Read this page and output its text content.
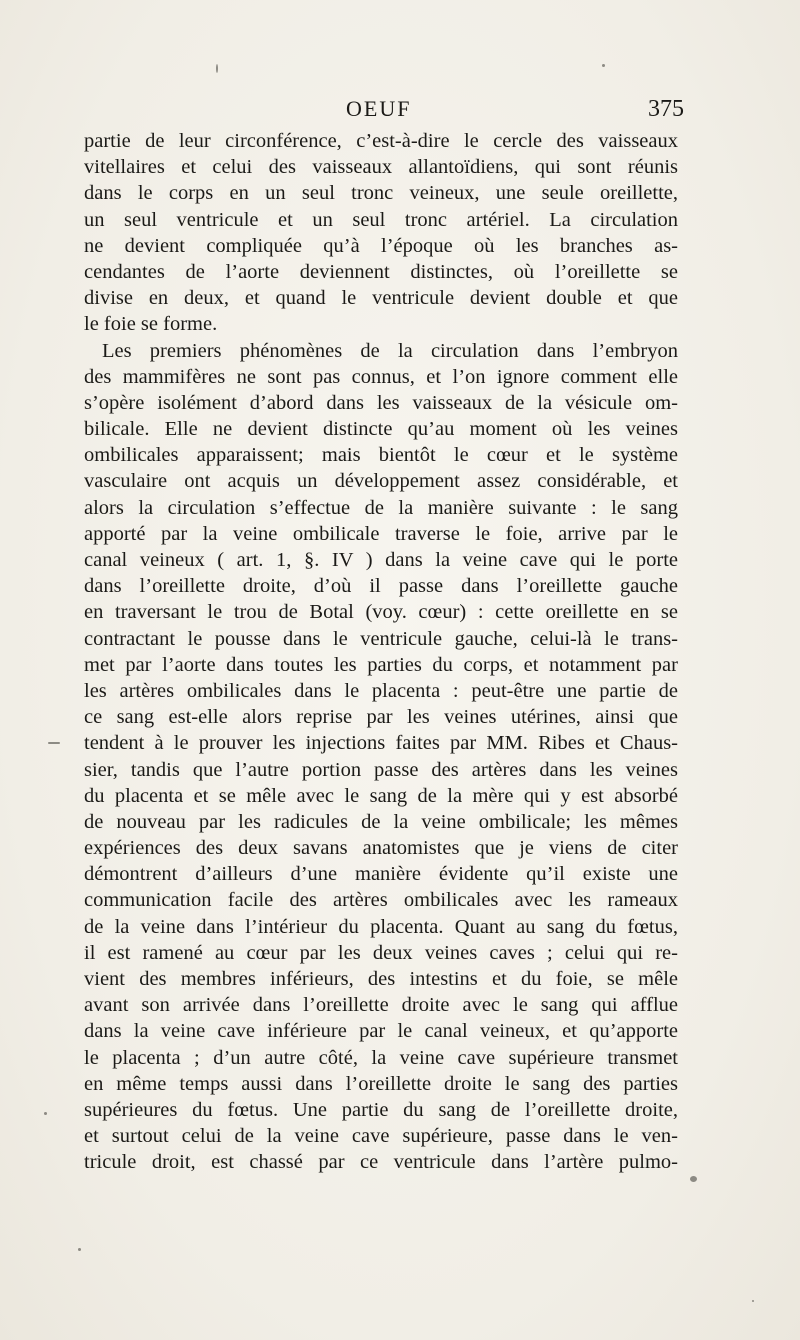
OEUF	375
partie de leur circonférence, c’est-à-dire le cercle des vaisseaux
vitellaires et celui des vaisseaux allantoïdiens, qui sont réunis
dans le corps en un seul tronc veineux, une seule oreillette,
un seul ventricule et un seul tronc artériel. La circulation
ne devient compliquée qu’à l’époque où les branches as-
cendantes de l’aorte deviennent distinctes, où l’oreillette se
divise en deux, et quand le ventricule devient double et que
le foie se forme.
Les premiers phénomènes de la circulation dans l’embryon
des mammifères ne sont pas connus, et l’on ignore comment elle
s’opère isolément d’abord dans les vaisseaux de la vésicule om-
bilicale. Elle ne devient distincte qu’au moment où les veines
ombilicales apparaissent; mais bientôt le cœur et le système
vasculaire ont acquis un développement assez considérable, et
alors la circulation s’effectue de la manière suivante : le sang
apporté par la veine ombilicale traverse le foie, arrive par le
canal veineux ( art. 1, §. IV ) dans la veine cave qui le porte
dans l’oreillette droite, d’où il passe dans l’oreillette gauche
en traversant le trou de Botal (voy. cœur) : cette oreillette en se
contractant le pousse dans le ventricule gauche, celui-là le trans-
met par l’aorte dans toutes les parties du corps, et notamment par
les artères ombilicales dans le placenta : peut-être une partie de
ce sang est-elle alors reprise par les veines utérines, ainsi que
tendent à le prouver les injections faites par MM. Ribes et Chaus-
sier, tandis que l’autre portion passe des artères dans les veines
du placenta et se mêle avec le sang de la mère qui y est absorbé
de nouveau par les radicules de la veine ombilicale; les mêmes
expériences des deux savans anatomistes que je viens de citer
démontrent d’ailleurs d’une manière évidente qu’il existe une
communication facile des artères ombilicales avec les rameaux
de la veine dans l’intérieur du placenta. Quant au sang du fœtus,
il est ramené au cœur par les deux veines caves ; celui qui re-
vient des membres inférieurs, des intestins et du foie, se mêle
avant son arrivée dans l’oreillette droite avec le sang qui afflue
dans la veine cave inférieure par le canal veineux, et qu’apporte
le placenta ; d’un autre côté, la veine cave supérieure transmet
en même temps aussi dans l’oreillette droite le sang des parties
supérieures du fœtus. Une partie du sang de l’oreillette droite,
et surtout celui de la veine cave supérieure, passe dans le ven-
tricule droit, est chassé par ce ventricule dans l’artère pulmo-
